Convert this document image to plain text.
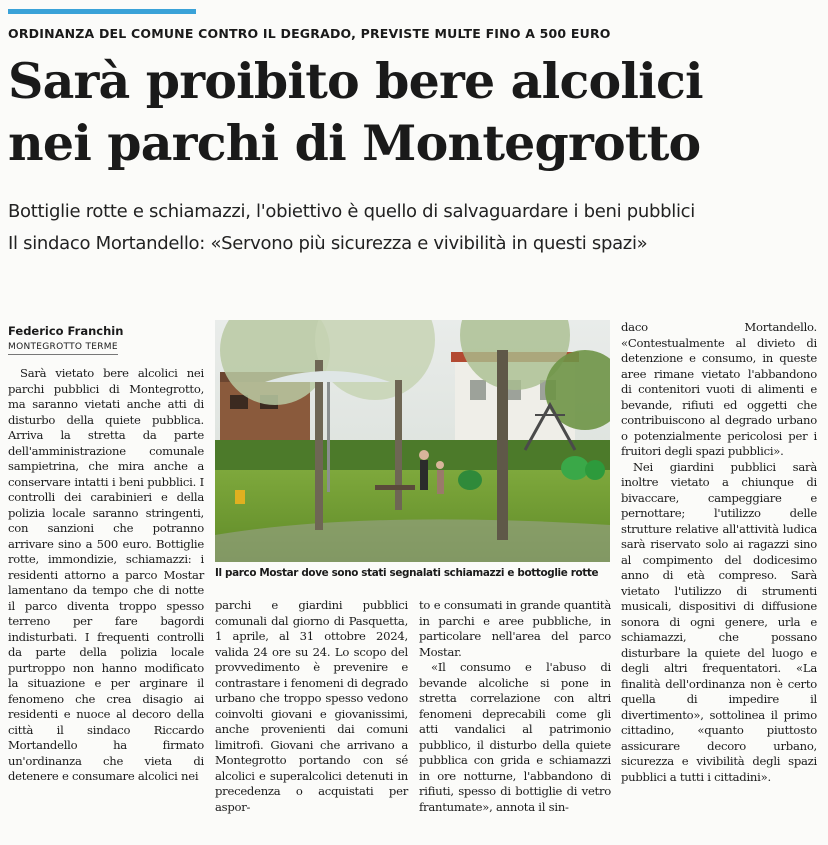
ORDINANZA DEL COMUNE CONTRO IL DEGRADO, PREVISTE MULTE FINO A 500 EURO
Sarà proibito bere alcolici
nei parchi di Montegrotto
Bottiglie rotte e schiamazzi, l'obiettivo è quello di salvaguardare i beni pubblici
Il sindaco Mortandello: «Servono più sicurezza e vivibilità in questi spazi»
Federico Franchin
MONTEGROTTO TERME

Sarà vietato bere alcolici nei parchi pubblici di Montegrotto, ma saranno vietati anche atti di disturbo della quiete pubblica. Arriva la stretta da parte dell'amministrazione comunale sampietrina, che mira anche a conservare intatti i beni pubblici. I controlli dei carabinieri e della polizia locale saranno stringenti, con sanzioni che potranno arrivare sino a 500 euro. Bottiglie rotte, immondizie, schiamazzi: i residenti attorno a parco Mostar lamentano da tempo che di notte il parco diventa troppo spesso terreno per fare bagordi indisturbati. I frequenti controlli da parte della polizia locale purtroppo non hanno modificato la situazione e per arginare il fenomeno che crea disagio ai residenti e nuoce al decoro della città il sindaco Riccardo Mortandello ha firmato un'ordinanza che vieta di detenere e consumare alcolici nei

Il parco Mostar dove sono stati segnalati schiamazzi e bottoglie rotte

parchi e giardini pubblici comunali dal giorno di Pasquetta, 1 aprile, al 31 ottobre 2024, valida 24 ore su 24. Lo scopo del provvedimento è prevenire e contrastare i fenomeni di degrado urbano che troppo spesso vedono coinvolti giovani e giovanissimi, anche provenienti dai comuni limitrofi. Giovani che arrivano a Montegrotto portando con sé alcolici e superalcolici detenuti in precedenza o acquistati per aspor-

to e consumati in grande quantità in parchi e aree pubbliche, in particolare nell'area del parco Mostar.

«Il consumo e l'abuso di bevande alcoliche si pone in stretta correlazione con altri fenomeni deprecabili come gli atti vandalici al patrimonio pubblico, il disturbo della quiete pubblica con grida e schiamazzi in ore notturne, l'abbandono di rifiuti, spesso di bottiglie di vetro frantumate», annota il sin-

daco Mortandello. «Contestualmente al divieto di detenzione e consumo, in queste aree rimane vietato l'abbandono di contenitori vuoti di alimenti e bevande, rifiuti ed oggetti che contribuiscono al degrado urbano o potenzialmente pericolosi per i fruitori degli spazi pubblici».

Nei giardini pubblici sarà inoltre vietato a chiunque di bivaccare, campeggiare e pernottare; l'utilizzo delle strutture relative all'attività ludica sarà riservato solo ai ragazzi sino al compimento del dodicesimo anno di età compreso. Sarà vietato l'utilizzo di strumenti musicali, dispositivi di diffusione sonora di ogni genere, urla e schiamazzi, che possano disturbare la quiete del luogo e degli altri frequentatori. «La finalità dell'ordinanza non è certo quella di impedire il divertimento», sottolinea il primo cittadino, «quanto piuttosto assicurare decoro urbano, sicurezza e vivibilità degli spazi pubblici a tutti i cittadini».
